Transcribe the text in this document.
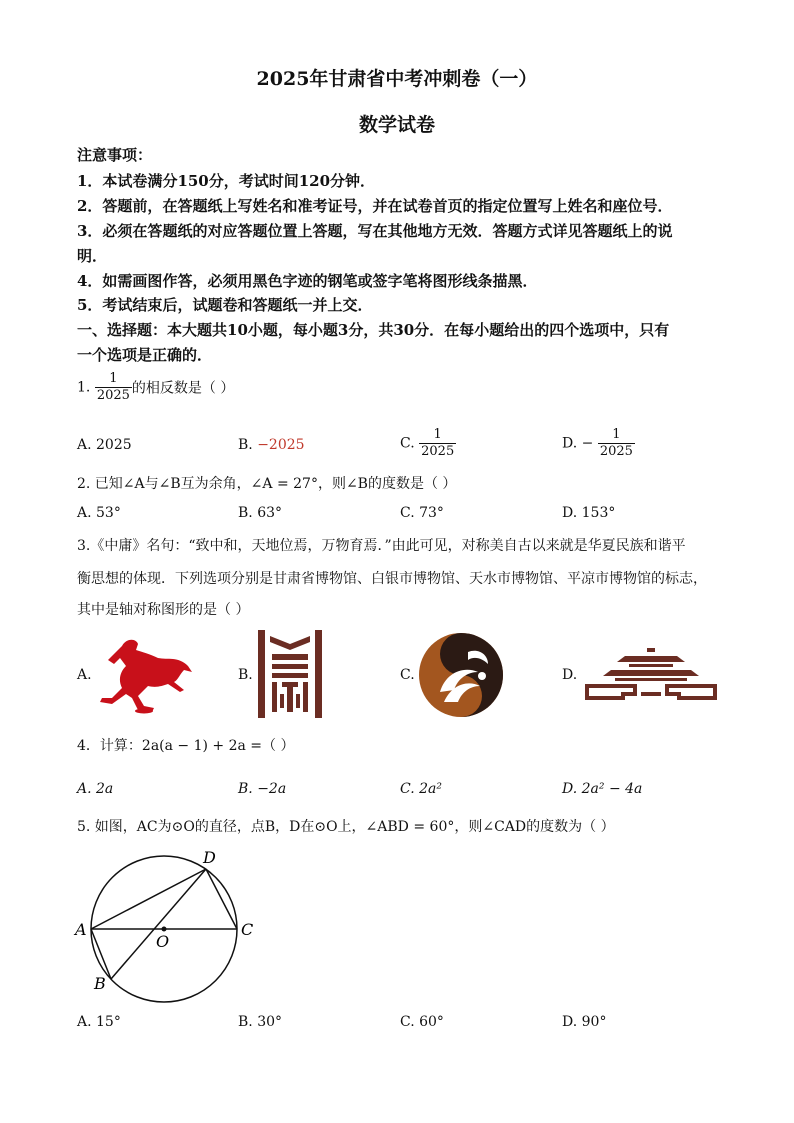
2025年甘肃省中考冲刺卷（一）
数学试卷
注意事项：
1．本试卷满分150分，考试时间120分钟．
2．答题前，在答题纸上写姓名和准考证号，并在试卷首页的指定位置写上姓名和座位号．
3．必须在答题纸的对应答题位置上答题，写在其他地方无效．答题方式详见答题纸上的说
明．
4．如需画图作答，必须用黑色字迹的钢笔或签字笔将图形线条描黑．
5．考试结束后，试题卷和答题纸一并上交．
一、选择题：本大题共10小题，每小题3分，共30分．在每小题给出的四个选项中，只有
一个选项是正确的．
1. $\frac{1}{2025}$ 的相反数是（ ）
A. 2025	B. −2025	C. $\frac{1}{2025}$	D. − $\frac{1}{2025}$
2. 已知∠A与∠B互为余角，∠A = 27°，则∠B的度数是（ ）
A. 53°	B. 63°	C. 73°	D. 153°
3.《中庸》名句：“致中和，天地位焉，万物育焉．”由此可见，对称美自古以来就是华夏民族和谐平
衡思想的体现．下列选项分别是甘肃省博物馆、白银市博物馆、天水市博物馆、平凉市博物馆的标志，
其中是轴对称图形的是（ ）
A.	B.	C.	D.
4．计算：2a(a − 1) + 2a =（ ）
A. 2a	B. −2a	C. 2a²	D. 2a² − 4a
5. 如图，AC为⊙O的直径，点B，D在⊙O上，∠ABD = 60°，则∠CAD的度数为（ ）
A
B
C
D
O
A. 15°	B. 30°	C. 60°	D. 90°
